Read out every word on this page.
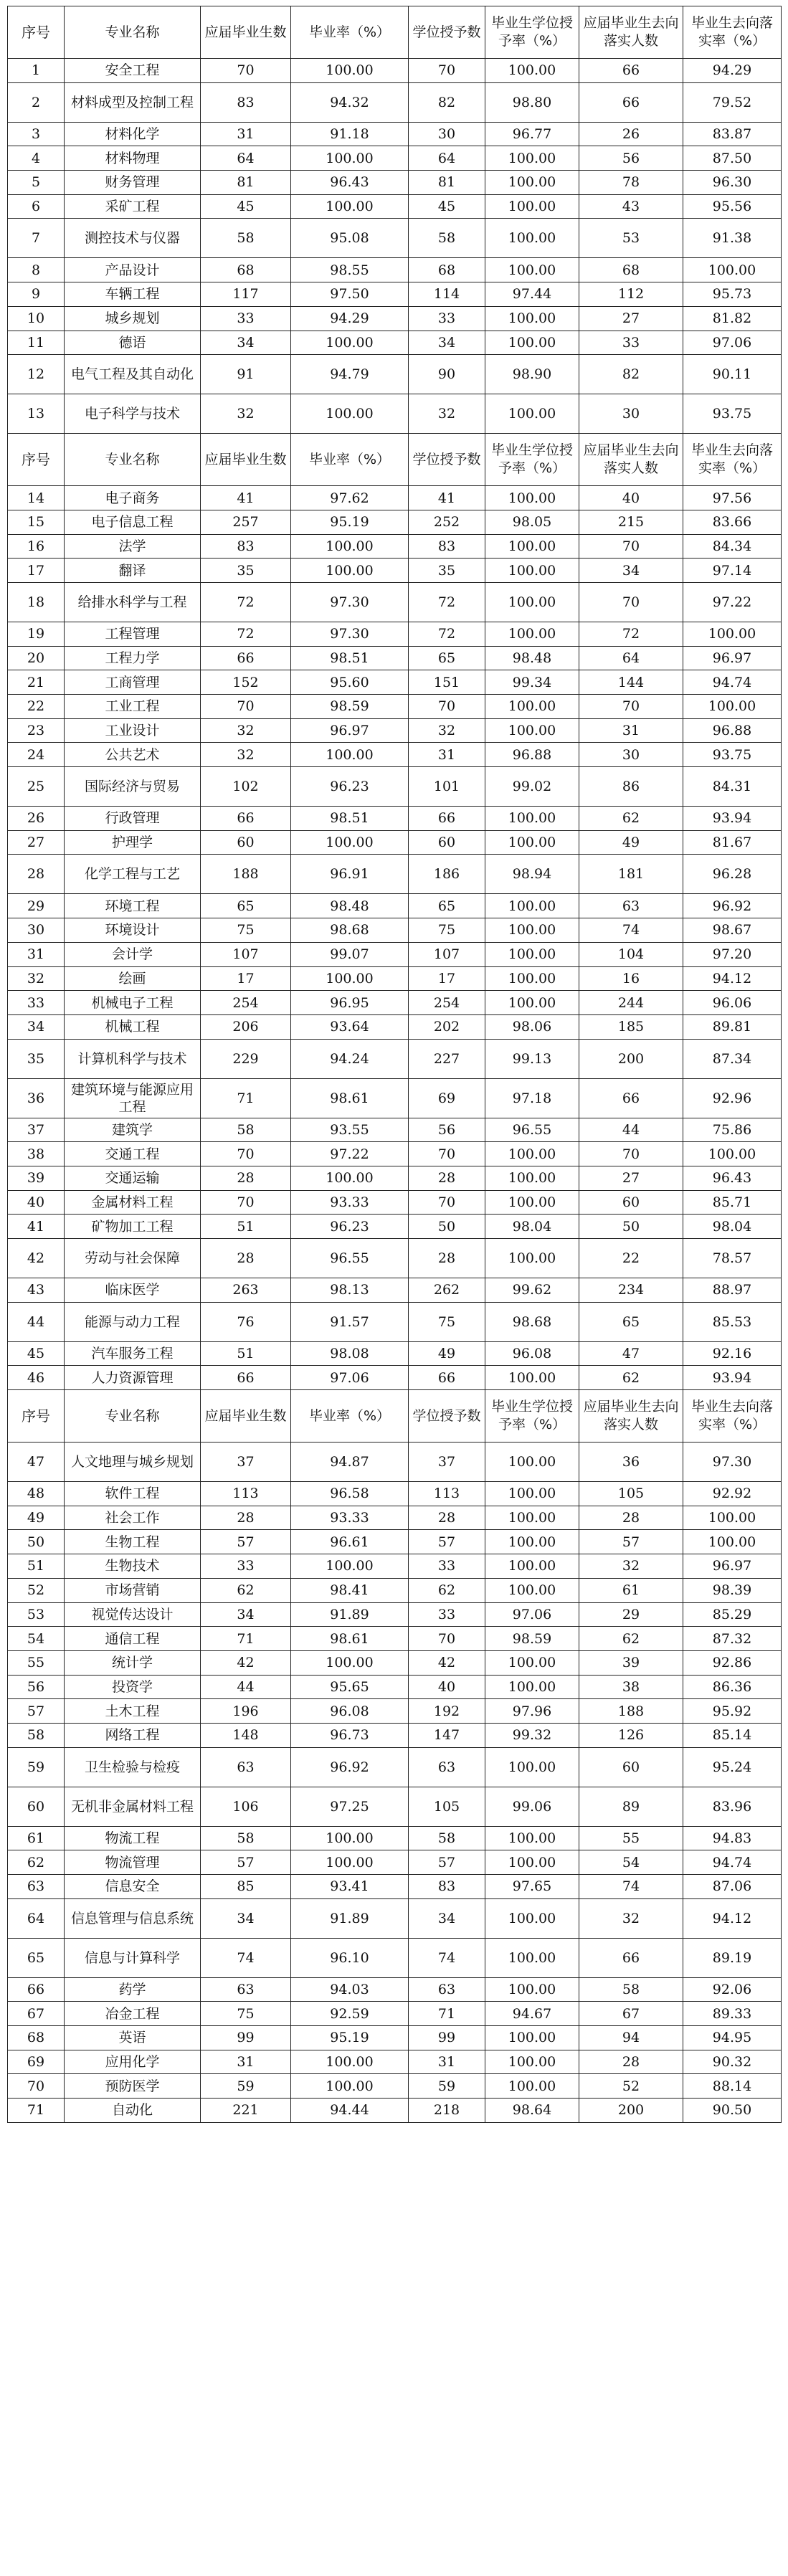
序号	专业名称	应届毕业生数	毕业率（%）	学位授予数	毕业生学位授予率（%）	应届毕业生去向落实人数	毕业生去向落实率（%）
1	安全工程	70	100.00	70	100.00	66	94.29
2	材料成型及控制工程	83	94.32	82	98.80	66	79.52
3	材料化学	31	91.18	30	96.77	26	83.87
4	材料物理	64	100.00	64	100.00	56	87.50
5	财务管理	81	96.43	81	100.00	78	96.30
6	采矿工程	45	100.00	45	100.00	43	95.56
7	测控技术与仪器	58	95.08	58	100.00	53	91.38
8	产品设计	68	98.55	68	100.00	68	100.00
9	车辆工程	117	97.50	114	97.44	112	95.73
10	城乡规划	33	94.29	33	100.00	27	81.82
11	德语	34	100.00	34	100.00	33	97.06
12	电气工程及其自动化	91	94.79	90	98.90	82	90.11
13	电子科学与技术	32	100.00	32	100.00	30	93.75
序号	专业名称	应届毕业生数	毕业率（%）	学位授予数	毕业生学位授予率（%）	应届毕业生去向落实人数	毕业生去向落实率（%）
14	电子商务	41	97.62	41	100.00	40	97.56
15	电子信息工程	257	95.19	252	98.05	215	83.66
16	法学	83	100.00	83	100.00	70	84.34
17	翻译	35	100.00	35	100.00	34	97.14
18	给排水科学与工程	72	97.30	72	100.00	70	97.22
19	工程管理	72	97.30	72	100.00	72	100.00
20	工程力学	66	98.51	65	98.48	64	96.97
21	工商管理	152	95.60	151	99.34	144	94.74
22	工业工程	70	98.59	70	100.00	70	100.00
23	工业设计	32	96.97	32	100.00	31	96.88
24	公共艺术	32	100.00	31	96.88	30	93.75
25	国际经济与贸易	102	96.23	101	99.02	86	84.31
26	行政管理	66	98.51	66	100.00	62	93.94
27	护理学	60	100.00	60	100.00	49	81.67
28	化学工程与工艺	188	96.91	186	98.94	181	96.28
29	环境工程	65	98.48	65	100.00	63	96.92
30	环境设计	75	98.68	75	100.00	74	98.67
31	会计学	107	99.07	107	100.00	104	97.20
32	绘画	17	100.00	17	100.00	16	94.12
33	机械电子工程	254	96.95	254	100.00	244	96.06
34	机械工程	206	93.64	202	98.06	185	89.81
35	计算机科学与技术	229	94.24	227	99.13	200	87.34
36	建筑环境与能源应用工程	71	98.61	69	97.18	66	92.96
37	建筑学	58	93.55	56	96.55	44	75.86
38	交通工程	70	97.22	70	100.00	70	100.00
39	交通运输	28	100.00	28	100.00	27	96.43
40	金属材料工程	70	93.33	70	100.00	60	85.71
41	矿物加工工程	51	96.23	50	98.04	50	98.04
42	劳动与社会保障	28	96.55	28	100.00	22	78.57
43	临床医学	263	98.13	262	99.62	234	88.97
44	能源与动力工程	76	91.57	75	98.68	65	85.53
45	汽车服务工程	51	98.08	49	96.08	47	92.16
46	人力资源管理	66	97.06	66	100.00	62	93.94
序号	专业名称	应届毕业生数	毕业率（%）	学位授予数	毕业生学位授予率（%）	应届毕业生去向落实人数	毕业生去向落实率（%）
47	人文地理与城乡规划	37	94.87	37	100.00	36	97.30
48	软件工程	113	96.58	113	100.00	105	92.92
49	社会工作	28	93.33	28	100.00	28	100.00
50	生物工程	57	96.61	57	100.00	57	100.00
51	生物技术	33	100.00	33	100.00	32	96.97
52	市场营销	62	98.41	62	100.00	61	98.39
53	视觉传达设计	34	91.89	33	97.06	29	85.29
54	通信工程	71	98.61	70	98.59	62	87.32
55	统计学	42	100.00	42	100.00	39	92.86
56	投资学	44	95.65	40	100.00	38	86.36
57	土木工程	196	96.08	192	97.96	188	95.92
58	网络工程	148	96.73	147	99.32	126	85.14
59	卫生检验与检疫	63	96.92	63	100.00	60	95.24
60	无机非金属材料工程	106	97.25	105	99.06	89	83.96
61	物流工程	58	100.00	58	100.00	55	94.83
62	物流管理	57	100.00	57	100.00	54	94.74
63	信息安全	85	93.41	83	97.65	74	87.06
64	信息管理与信息系统	34	91.89	34	100.00	32	94.12
65	信息与计算科学	74	96.10	74	100.00	66	89.19
66	药学	63	94.03	63	100.00	58	92.06
67	冶金工程	75	92.59	71	94.67	67	89.33
68	英语	99	95.19	99	100.00	94	94.95
69	应用化学	31	100.00	31	100.00	28	90.32
70	预防医学	59	100.00	59	100.00	52	88.14
71	自动化	221	94.44	218	98.64	200	90.50
